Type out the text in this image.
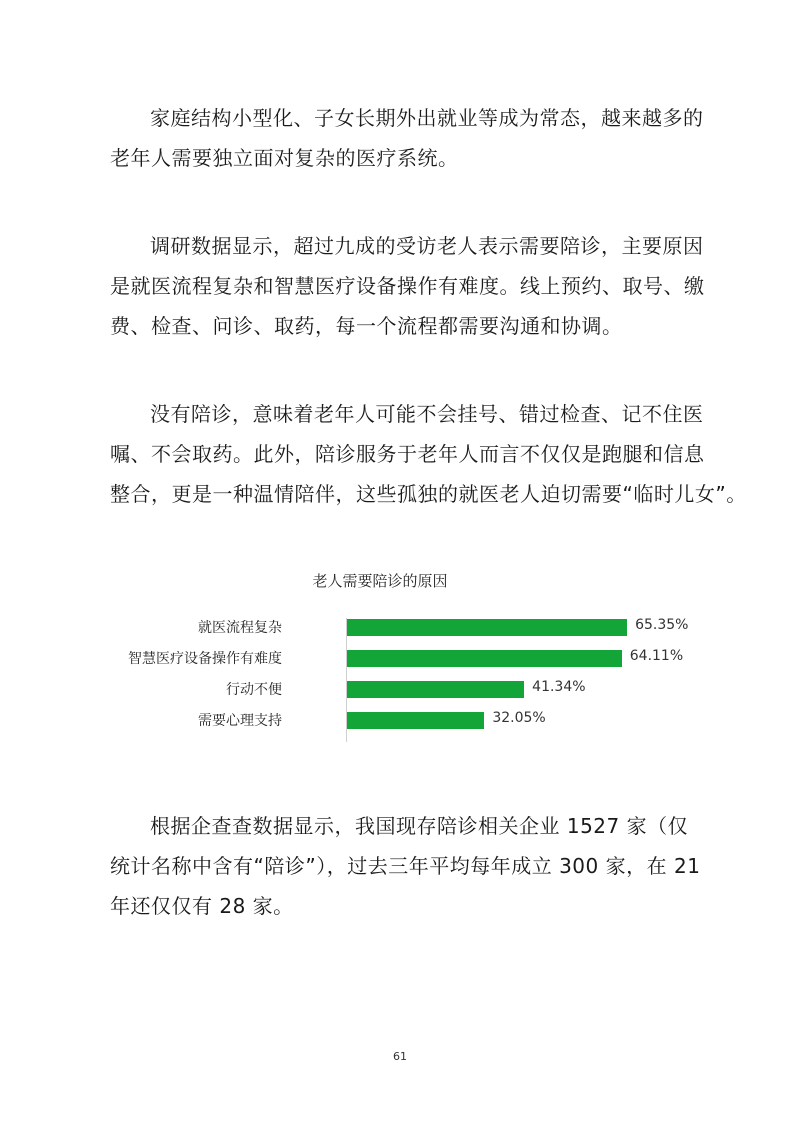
家庭结构小型化、子女长期外出就业等成为常态，越来越多的
老年人需要独立面对复杂的医疗系统。
调研数据显示，超过九成的受访老人表示需要陪诊，主要原因
是就医流程复杂和智慧医疗设备操作有难度。线上预约、取号、缴
费、检查、问诊、取药，每一个流程都需要沟通和协调。
没有陪诊，意味着老年人可能不会挂号、错过检查、记不住医
嘱、不会取药。此外，陪诊服务于老年人而言不仅仅是跑腿和信息
整合，更是一种温情陪伴，这些孤独的就医老人迫切需要“临时儿女”。
老人需要陪诊的原因
就医流程复杂	65.35%
智慧医疗设备操作有难度	64.11%
行动不便	41.34%
需要心理支持	32.05%
根据企查查数据显示，我国现存陪诊相关企业 1527 家（仅
统计名称中含有“陪诊”），过去三年平均每年成立 300 家，在 21
年还仅仅有 28 家。
61
